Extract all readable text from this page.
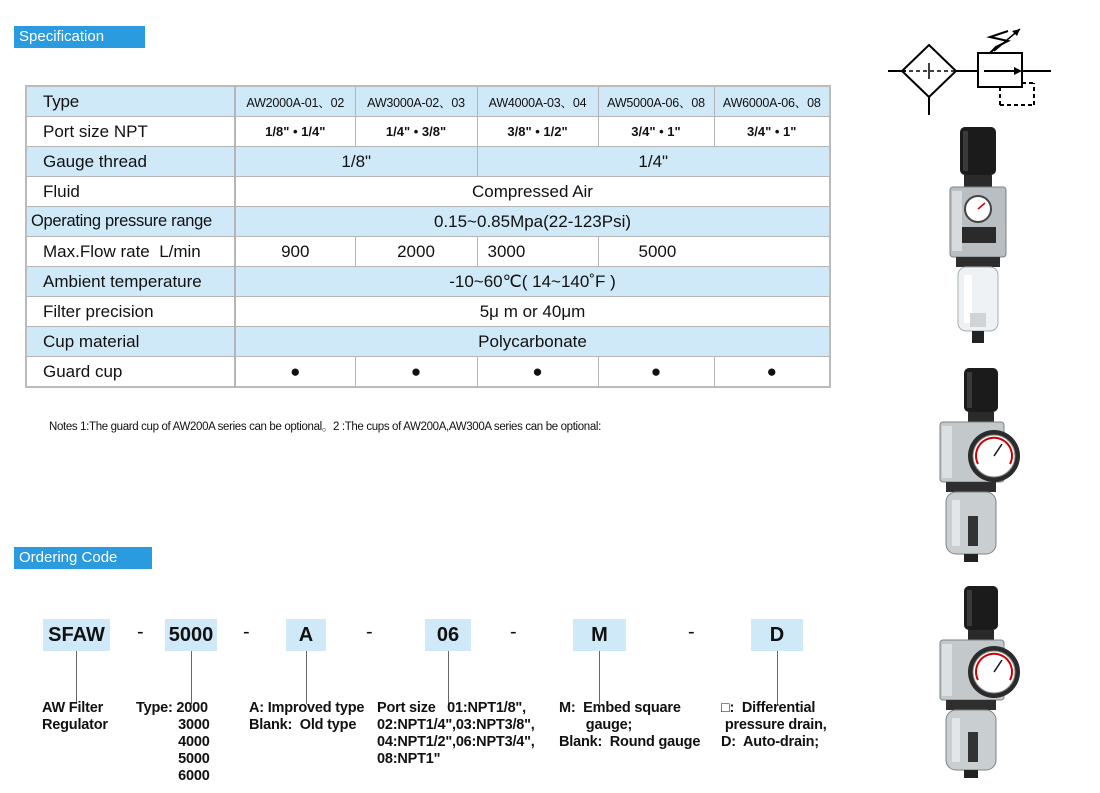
Specification
Type	AW2000A-01、02	AW3000A-02、03	AW4000A-03、04	AW5000A-06、08	AW6000A-06、08
Port size NPT	1/8" • 1/4"	1/4" • 3/8"	3/8" • 1/2"	3/4" • 1"	3/4" • 1"
Gauge thread	1/8"		1/4"		
Fluid	Compressed Air				
Operating pressure range	0.15~0.85Mpa(22-123Psi)				
Max.Flow rate  L/min	900	2000	3000	5000	
Ambient temperature	-10~60℃( 14~140˚F )				
Filter precision	5μ m or 40μm				
Cup material	Polycarbonate				
Guard cup	●	●	●	●	●
Notes 1:The guard cup of AW200A series can be optional。2 :The cups of AW200A,AW300A series can be optional:
Ordering Code
SFAW - 5000 -	A	-	06	-	M	-	D
AW Filter
Regulator
Type: 2000
3000
4000
5000
6000
A: Improved type
Blank:  Old type
Port size   01:NPT1/8",
02:NPT1/4",03:NPT3/8",
04:NPT1/2",06:NPT3/4",
08:NPT1"
M:  Embed square
gauge;
Blank:  Round gauge
□:  Differential
pressure drain,
D:  Auto-drain;
